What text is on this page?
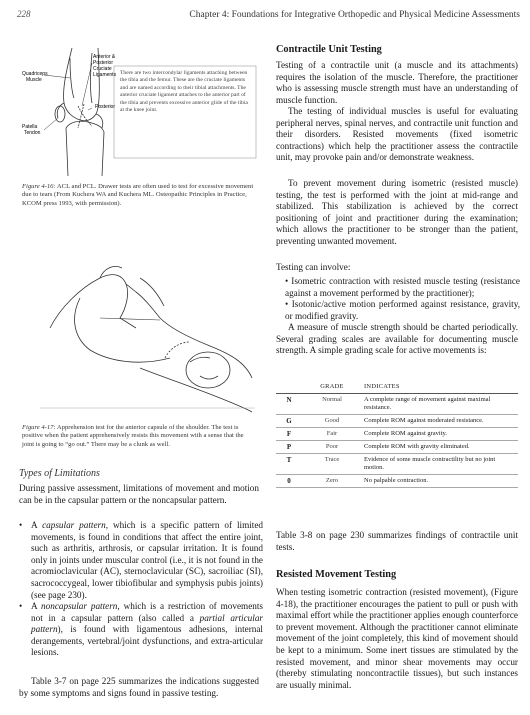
228	Chapter 4: Foundations for Integrative Orthopedic and Physical Medicine Assessments
Anterior &
Posterior
Cruciate
Ligaments
Posterior
Quadriceps
Muscle
Patella
Tendon
There are two intercondylar ligaments attaching between the tibia and the femur. These are the cruciate ligaments and are named according to their tibial attachments. The anterior cruciate ligament attaches to the anterior part of the tibia and prevents excessive anterior glide of the tibia at the knee joint.
Figure 4-16: ACL and PCL. Drawer tests are often used to test for excessive movement due to tears (From Kuchera WA and Kuchera ML. Osteopathic Principles in Practice, KCOM press 1993, with permission).
Figure 4-17: Apprehension test for the anterior capsule of the shoulder. The test is positive when the patient apprehensively resists this movement with a sense that the joint is going to “go out.” There may be a clunk as well.
Types of Limitations
During passive assessment, limitations of movement and motion can be in the capsular pattern or the noncapsular pattern.
• A capsular pattern, which is a specific pattern of limited movements, is found in conditions that affect the entire joint, such as arthritis, arthrosis, or capsular irritation. It is found only in joints under muscular control (i.e., it is not found in the acromioclavicular (AC), sternoclavicular (SC), sacroiliac (SI), sacrococcygeal, lower tibiofibular and symphysis pubis joints) (see page 230).
• A noncapsular pattern, which is a restriction of movements not in a capsular pattern (also called a partial articular pattern), is found with ligamentous adhesions, internal derangements, vertebral/joint dysfunctions, and extra-articular lesions.
Table 3-7 on page 225 summarizes the indications suggested by some symptoms and signs found in passive testing.
Contractile Unit Testing
Testing of a contractile unit (a muscle and its attachments) requires the isolation of the muscle. Therefore, the practitioner who is assessing muscle strength must have an understanding of muscle function.
The testing of individual muscles is useful for evaluating peripheral nerves, spinal nerves, and contractile unit function and their disorders. Resisted movements (fixed isometric contractions) which help the practitioner assess the contractile unit, may provoke pain and/or demonstrate weakness.
To prevent movement during isometric (resisted muscle) testing, the test is performed with the joint at mid-range and stabilized. This stabilization is achieved by the correct positioning of joint and practitioner during the examination; which allows the practitioner to be stronger than the patient, preventing unwanted movement.
Testing can involve:
• Isometric contraction with resisted muscle testing (resistance against a movement performed by the practitioner);
• Isotonic/active motion performed against resistance, gravity, or modified gravity.
A measure of muscle strength should be charted periodically. Several grading scales are available for documenting muscle strength. A simple grading scale for active movements is:
	GRADE	INDICATES
N	Normal	A complete range of movement against maximal resistance.
G	Good	Complete ROM against moderated resistance.
F	Fair	Complete ROM against gravity.
P	Poor	Complete ROM with gravity eliminated.
T	Trace	Evidence of some muscle contractility but no joint motion.
0	Zero	No palpable contraction.
Table 3-8 on page 230 summarizes findings of contractile unit tests.
Resisted Movement Testing
When testing isometric contraction (resisted movement), (Figure 4-18), the practitioner encourages the patient to pull or push with maximal effort while the practitioner applies enough counterforce to prevent movement. Although the practitioner cannot eliminate movement of the joint completely, this kind of movement should be kept to a minimum. Some inert tissues are stimulated by the resisted movement, and minor shear movements may occur (thereby stimulating noncontractile tissues), but such instances are usually minimal.
